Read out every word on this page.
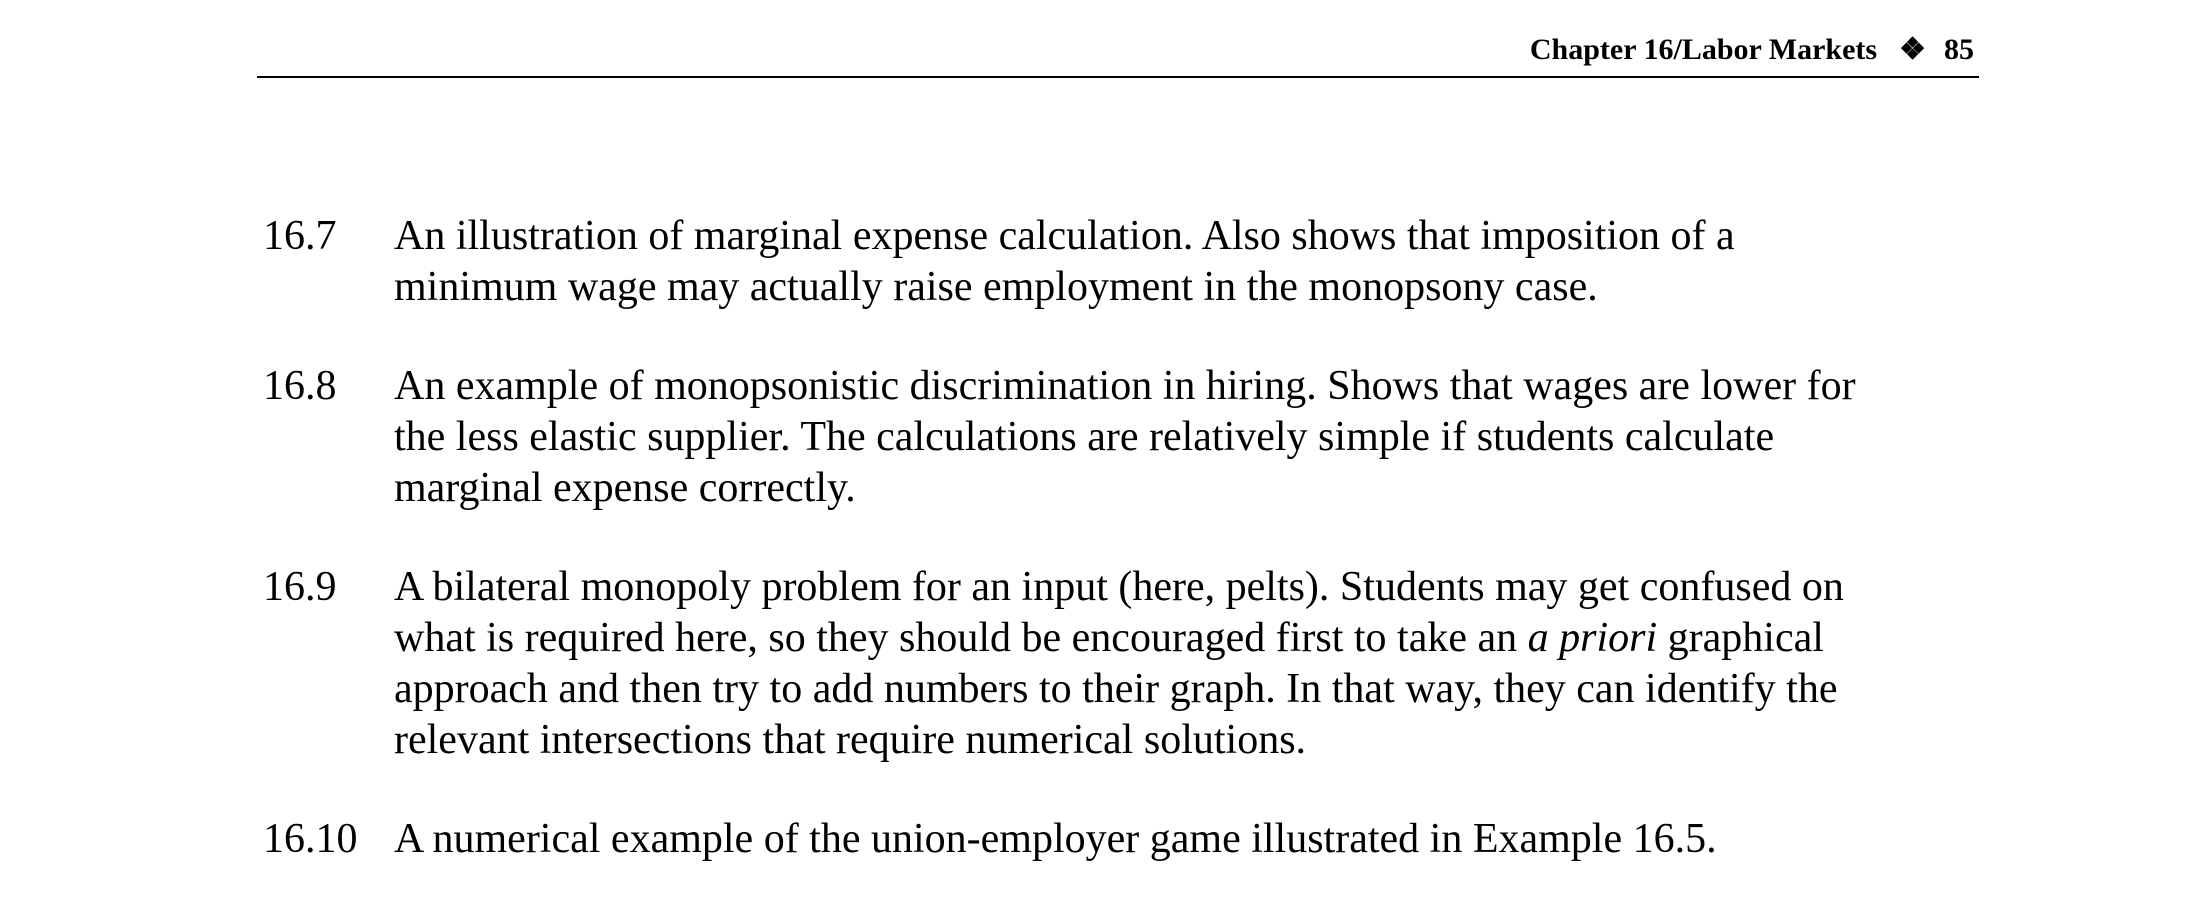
Chapter 16/Labor Markets ❖ 85
16.7	An illustration of marginal expense calculation. Also shows that imposition of a
minimum wage may actually raise employment in the monopsony case.
16.8	An example of monopsonistic discrimination in hiring. Shows that wages are lower for
the less elastic supplier. The calculations are relatively simple if students calculate
marginal expense correctly.
16.9	A bilateral monopoly problem for an input (here, pelts). Students may get confused on
what is required here, so they should be encouraged first to take an a priori graphical
approach and then try to add numbers to their graph. In that way, they can identify the
relevant intersections that require numerical solutions.
16.10 A numerical example of the union-employer game illustrated in Example 16.5.
